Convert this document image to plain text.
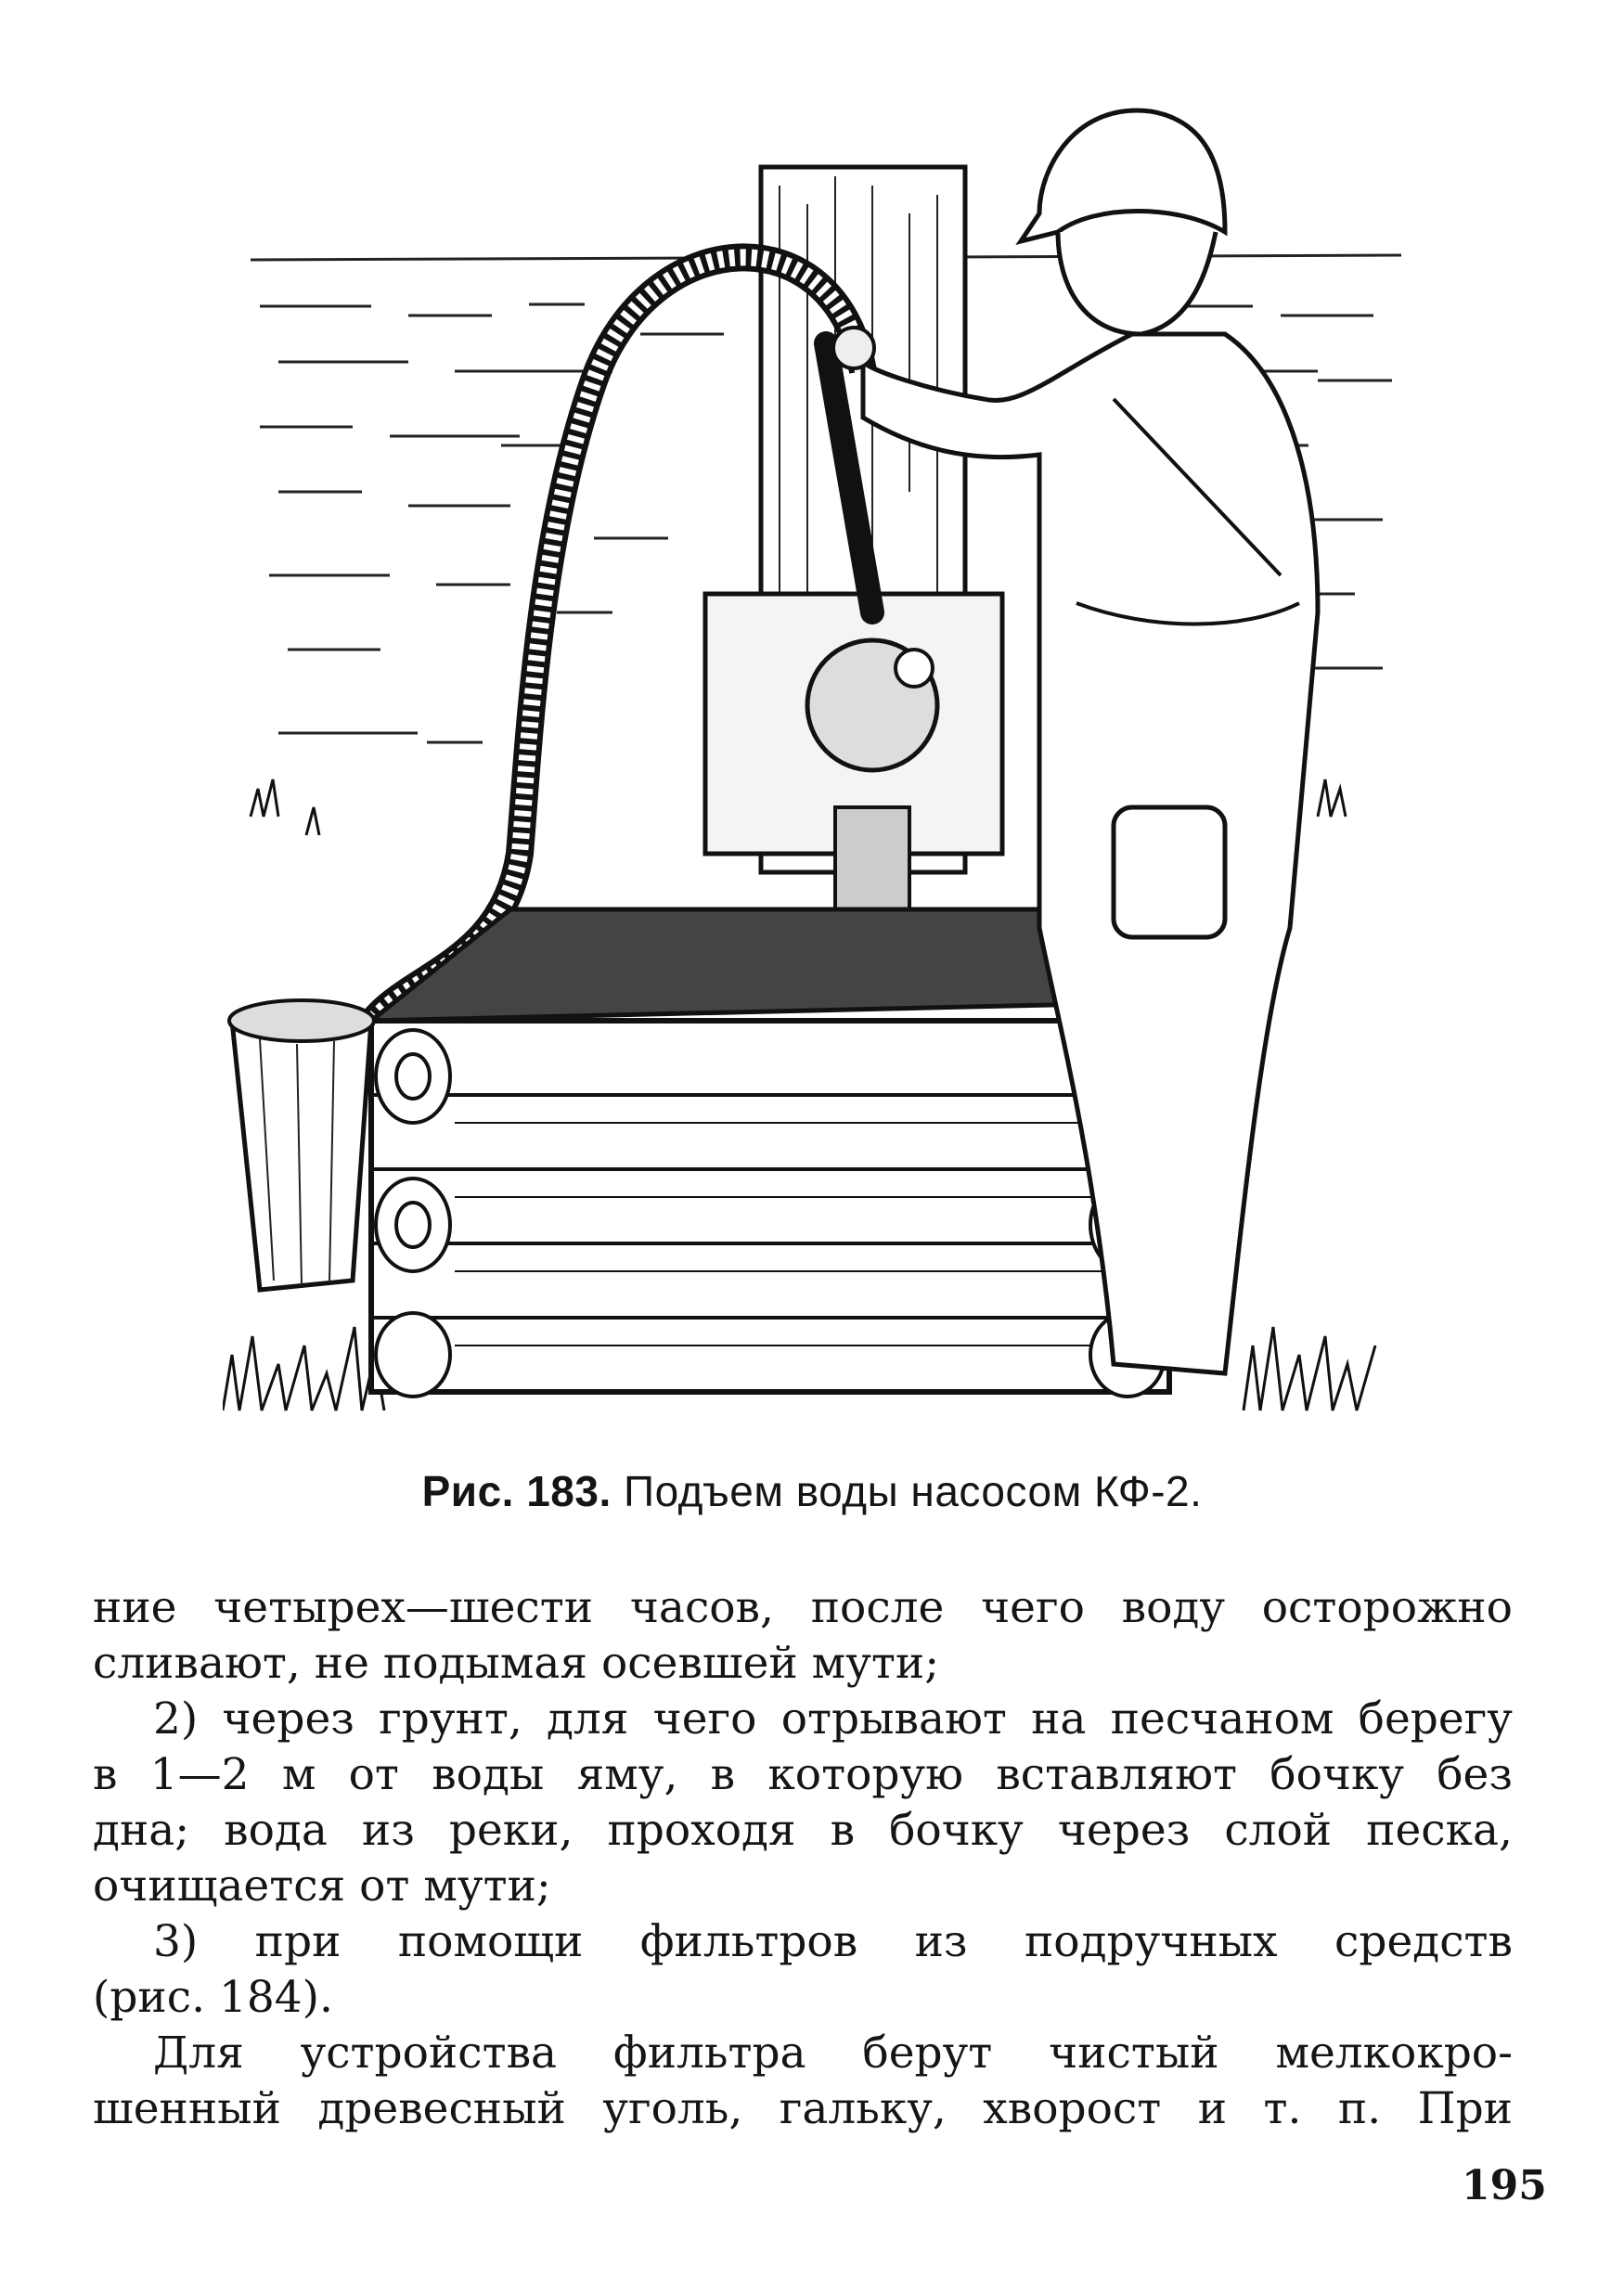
Рис. 183. Подъем воды насосом КФ-2.
ние четырех—шести часов, после чего воду осторожно
сливают, не подымая осевшей мути;
2) через грунт, для чего отрывают на песчаном берегу
в 1—2 м от воды яму, в которую вставляют бочку без
дна; вода из реки, проходя в бочку через слой песка,
очищается от мути;
3) при помощи фильтров из подручных средств
(рис. 184).
Для устройства фильтра берут чистый мелкокро-
шенный древесный уголь, гальку, хворост и т. п. При
195
